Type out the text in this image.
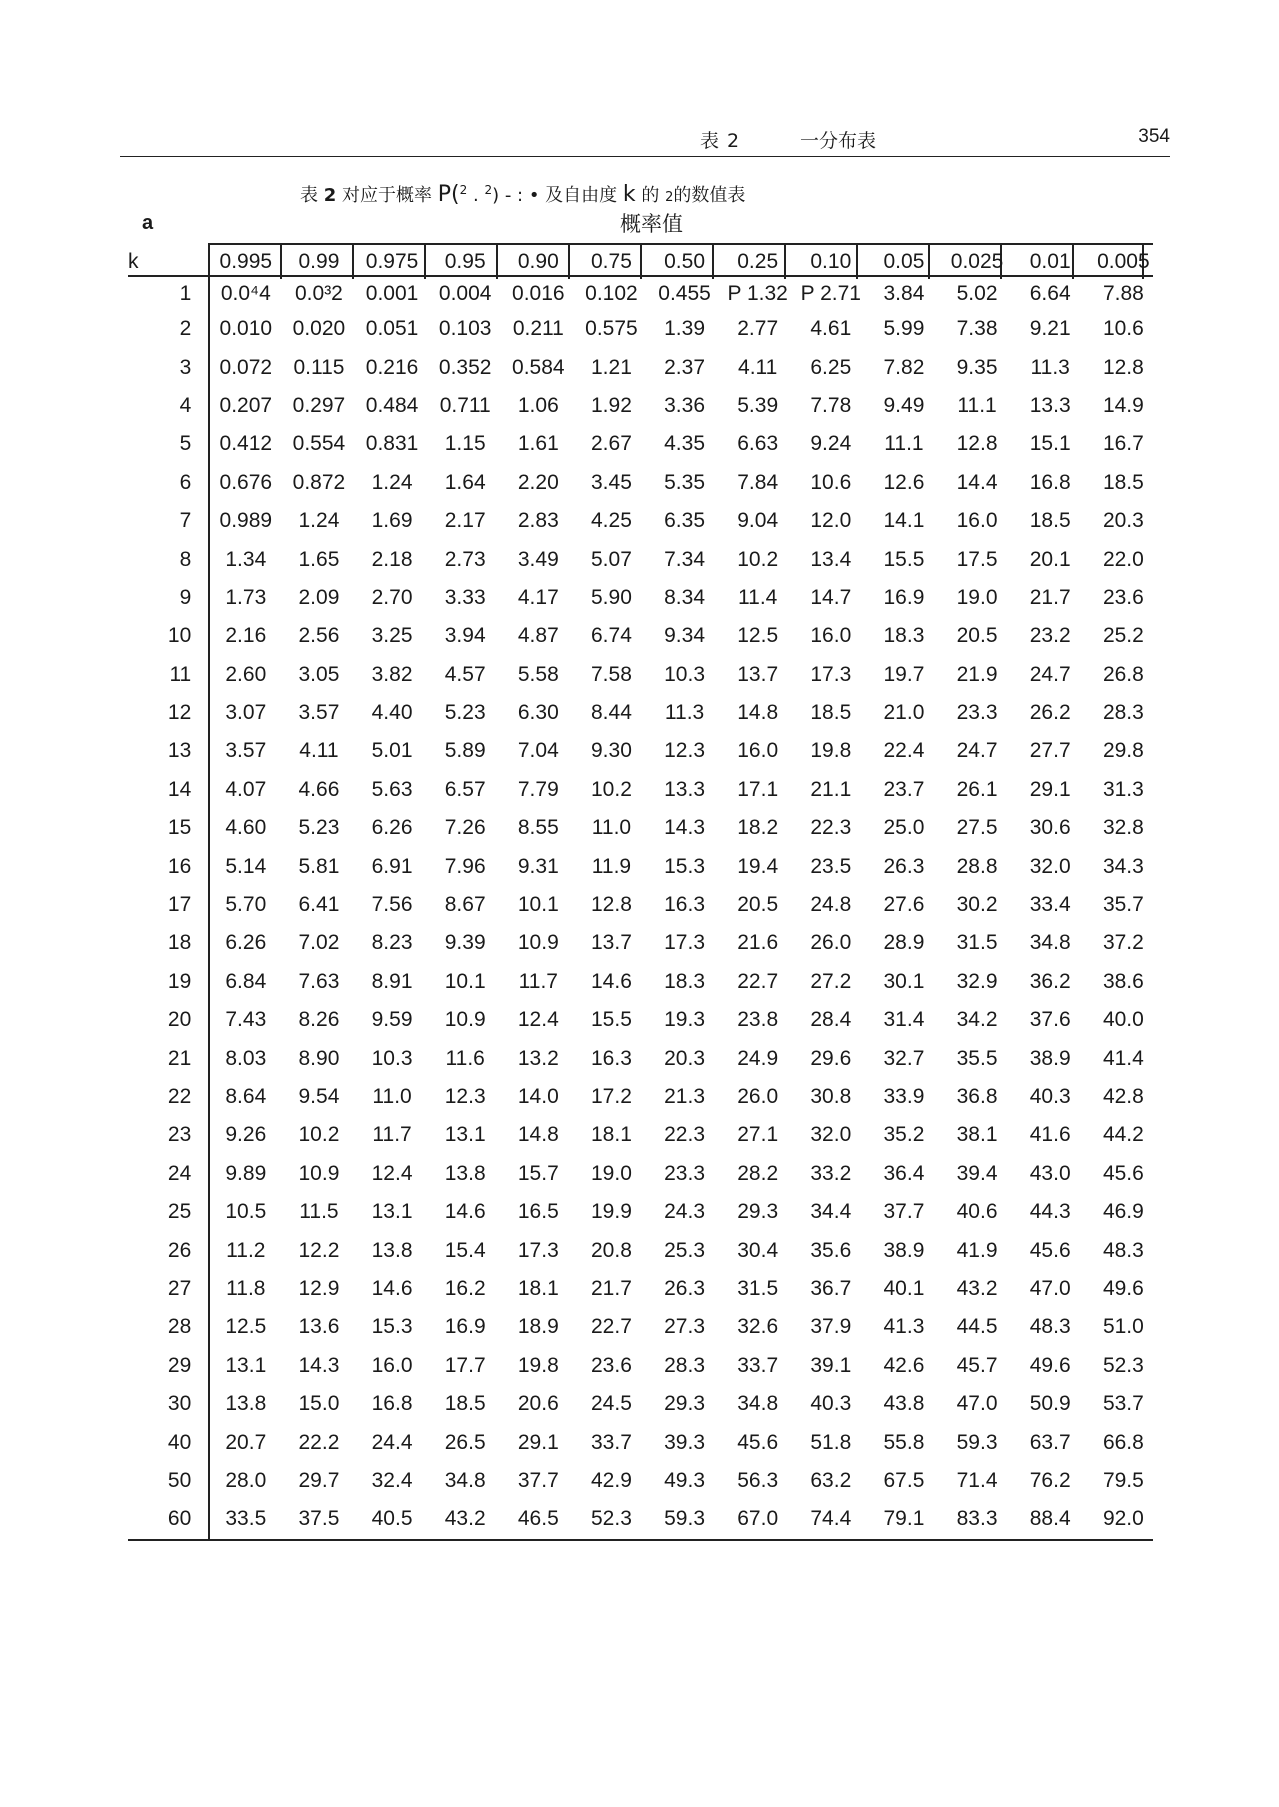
表 2	一分布表	354
表 2 对应于概率 P($^2$ . $^2$) - : • 及自由度 k 的 2的数值表
a	概率值
k	0.995	0.99	0.975	0.95	0.90	0.75	0.50	0.25	0.10	0.05	0.025	0.01	0.005
1	0.0⁴4	0.0³2	0.001	0.004	0.016	0.102	0.455	P 1.32	P 2.71	3.84	5.02	6.64	7.88
2	0.010	0.020	0.051	0.103	0.211	0.575	1.39	2.77	4.61	5.99	7.38	9.21	10.6
3	0.072	0.115	0.216	0.352	0.584	1.21	2.37	4.11	6.25	7.82	9.35	11.3	12.8
4	0.207	0.297	0.484	0.711	1.06	1.92	3.36	5.39	7.78	9.49	11.1	13.3	14.9
5	0.412	0.554	0.831	1.15	1.61	2.67	4.35	6.63	9.24	11.1	12.8	15.1	16.7
6	0.676	0.872	1.24	1.64	2.20	3.45	5.35	7.84	10.6	12.6	14.4	16.8	18.5
7	0.989	1.24	1.69	2.17	2.83	4.25	6.35	9.04	12.0	14.1	16.0	18.5	20.3
8	1.34	1.65	2.18	2.73	3.49	5.07	7.34	10.2	13.4	15.5	17.5	20.1	22.0
9	1.73	2.09	2.70	3.33	4.17	5.90	8.34	11.4	14.7	16.9	19.0	21.7	23.6
10	2.16	2.56	3.25	3.94	4.87	6.74	9.34	12.5	16.0	18.3	20.5	23.2	25.2
11	2.60	3.05	3.82	4.57	5.58	7.58	10.3	13.7	17.3	19.7	21.9	24.7	26.8
12	3.07	3.57	4.40	5.23	6.30	8.44	11.3	14.8	18.5	21.0	23.3	26.2	28.3
13	3.57	4.11	5.01	5.89	7.04	9.30	12.3	16.0	19.8	22.4	24.7	27.7	29.8
14	4.07	4.66	5.63	6.57	7.79	10.2	13.3	17.1	21.1	23.7	26.1	29.1	31.3
15	4.60	5.23	6.26	7.26	8.55	11.0	14.3	18.2	22.3	25.0	27.5	30.6	32.8
16	5.14	5.81	6.91	7.96	9.31	11.9	15.3	19.4	23.5	26.3	28.8	32.0	34.3
17	5.70	6.41	7.56	8.67	10.1	12.8	16.3	20.5	24.8	27.6	30.2	33.4	35.7
18	6.26	7.02	8.23	9.39	10.9	13.7	17.3	21.6	26.0	28.9	31.5	34.8	37.2
19	6.84	7.63	8.91	10.1	11.7	14.6	18.3	22.7	27.2	30.1	32.9	36.2	38.6
20	7.43	8.26	9.59	10.9	12.4	15.5	19.3	23.8	28.4	31.4	34.2	37.6	40.0
21	8.03	8.90	10.3	11.6	13.2	16.3	20.3	24.9	29.6	32.7	35.5	38.9	41.4
22	8.64	9.54	11.0	12.3	14.0	17.2	21.3	26.0	30.8	33.9	36.8	40.3	42.8
23	9.26	10.2	11.7	13.1	14.8	18.1	22.3	27.1	32.0	35.2	38.1	41.6	44.2
24	9.89	10.9	12.4	13.8	15.7	19.0	23.3	28.2	33.2	36.4	39.4	43.0	45.6
25	10.5	11.5	13.1	14.6	16.5	19.9	24.3	29.3	34.4	37.7	40.6	44.3	46.9
26	11.2	12.2	13.8	15.4	17.3	20.8	25.3	30.4	35.6	38.9	41.9	45.6	48.3
27	11.8	12.9	14.6	16.2	18.1	21.7	26.3	31.5	36.7	40.1	43.2	47.0	49.6
28	12.5	13.6	15.3	16.9	18.9	22.7	27.3	32.6	37.9	41.3	44.5	48.3	51.0
29	13.1	14.3	16.0	17.7	19.8	23.6	28.3	33.7	39.1	42.6	45.7	49.6	52.3
30	13.8	15.0	16.8	18.5	20.6	24.5	29.3	34.8	40.3	43.8	47.0	50.9	53.7
40	20.7	22.2	24.4	26.5	29.1	33.7	39.3	45.6	51.8	55.8	59.3	63.7	66.8
50	28.0	29.7	32.4	34.8	37.7	42.9	49.3	56.3	63.2	67.5	71.4	76.2	79.5
60	33.5	37.5	40.5	43.2	46.5	52.3	59.3	67.0	74.4	79.1	83.3	88.4	92.0
